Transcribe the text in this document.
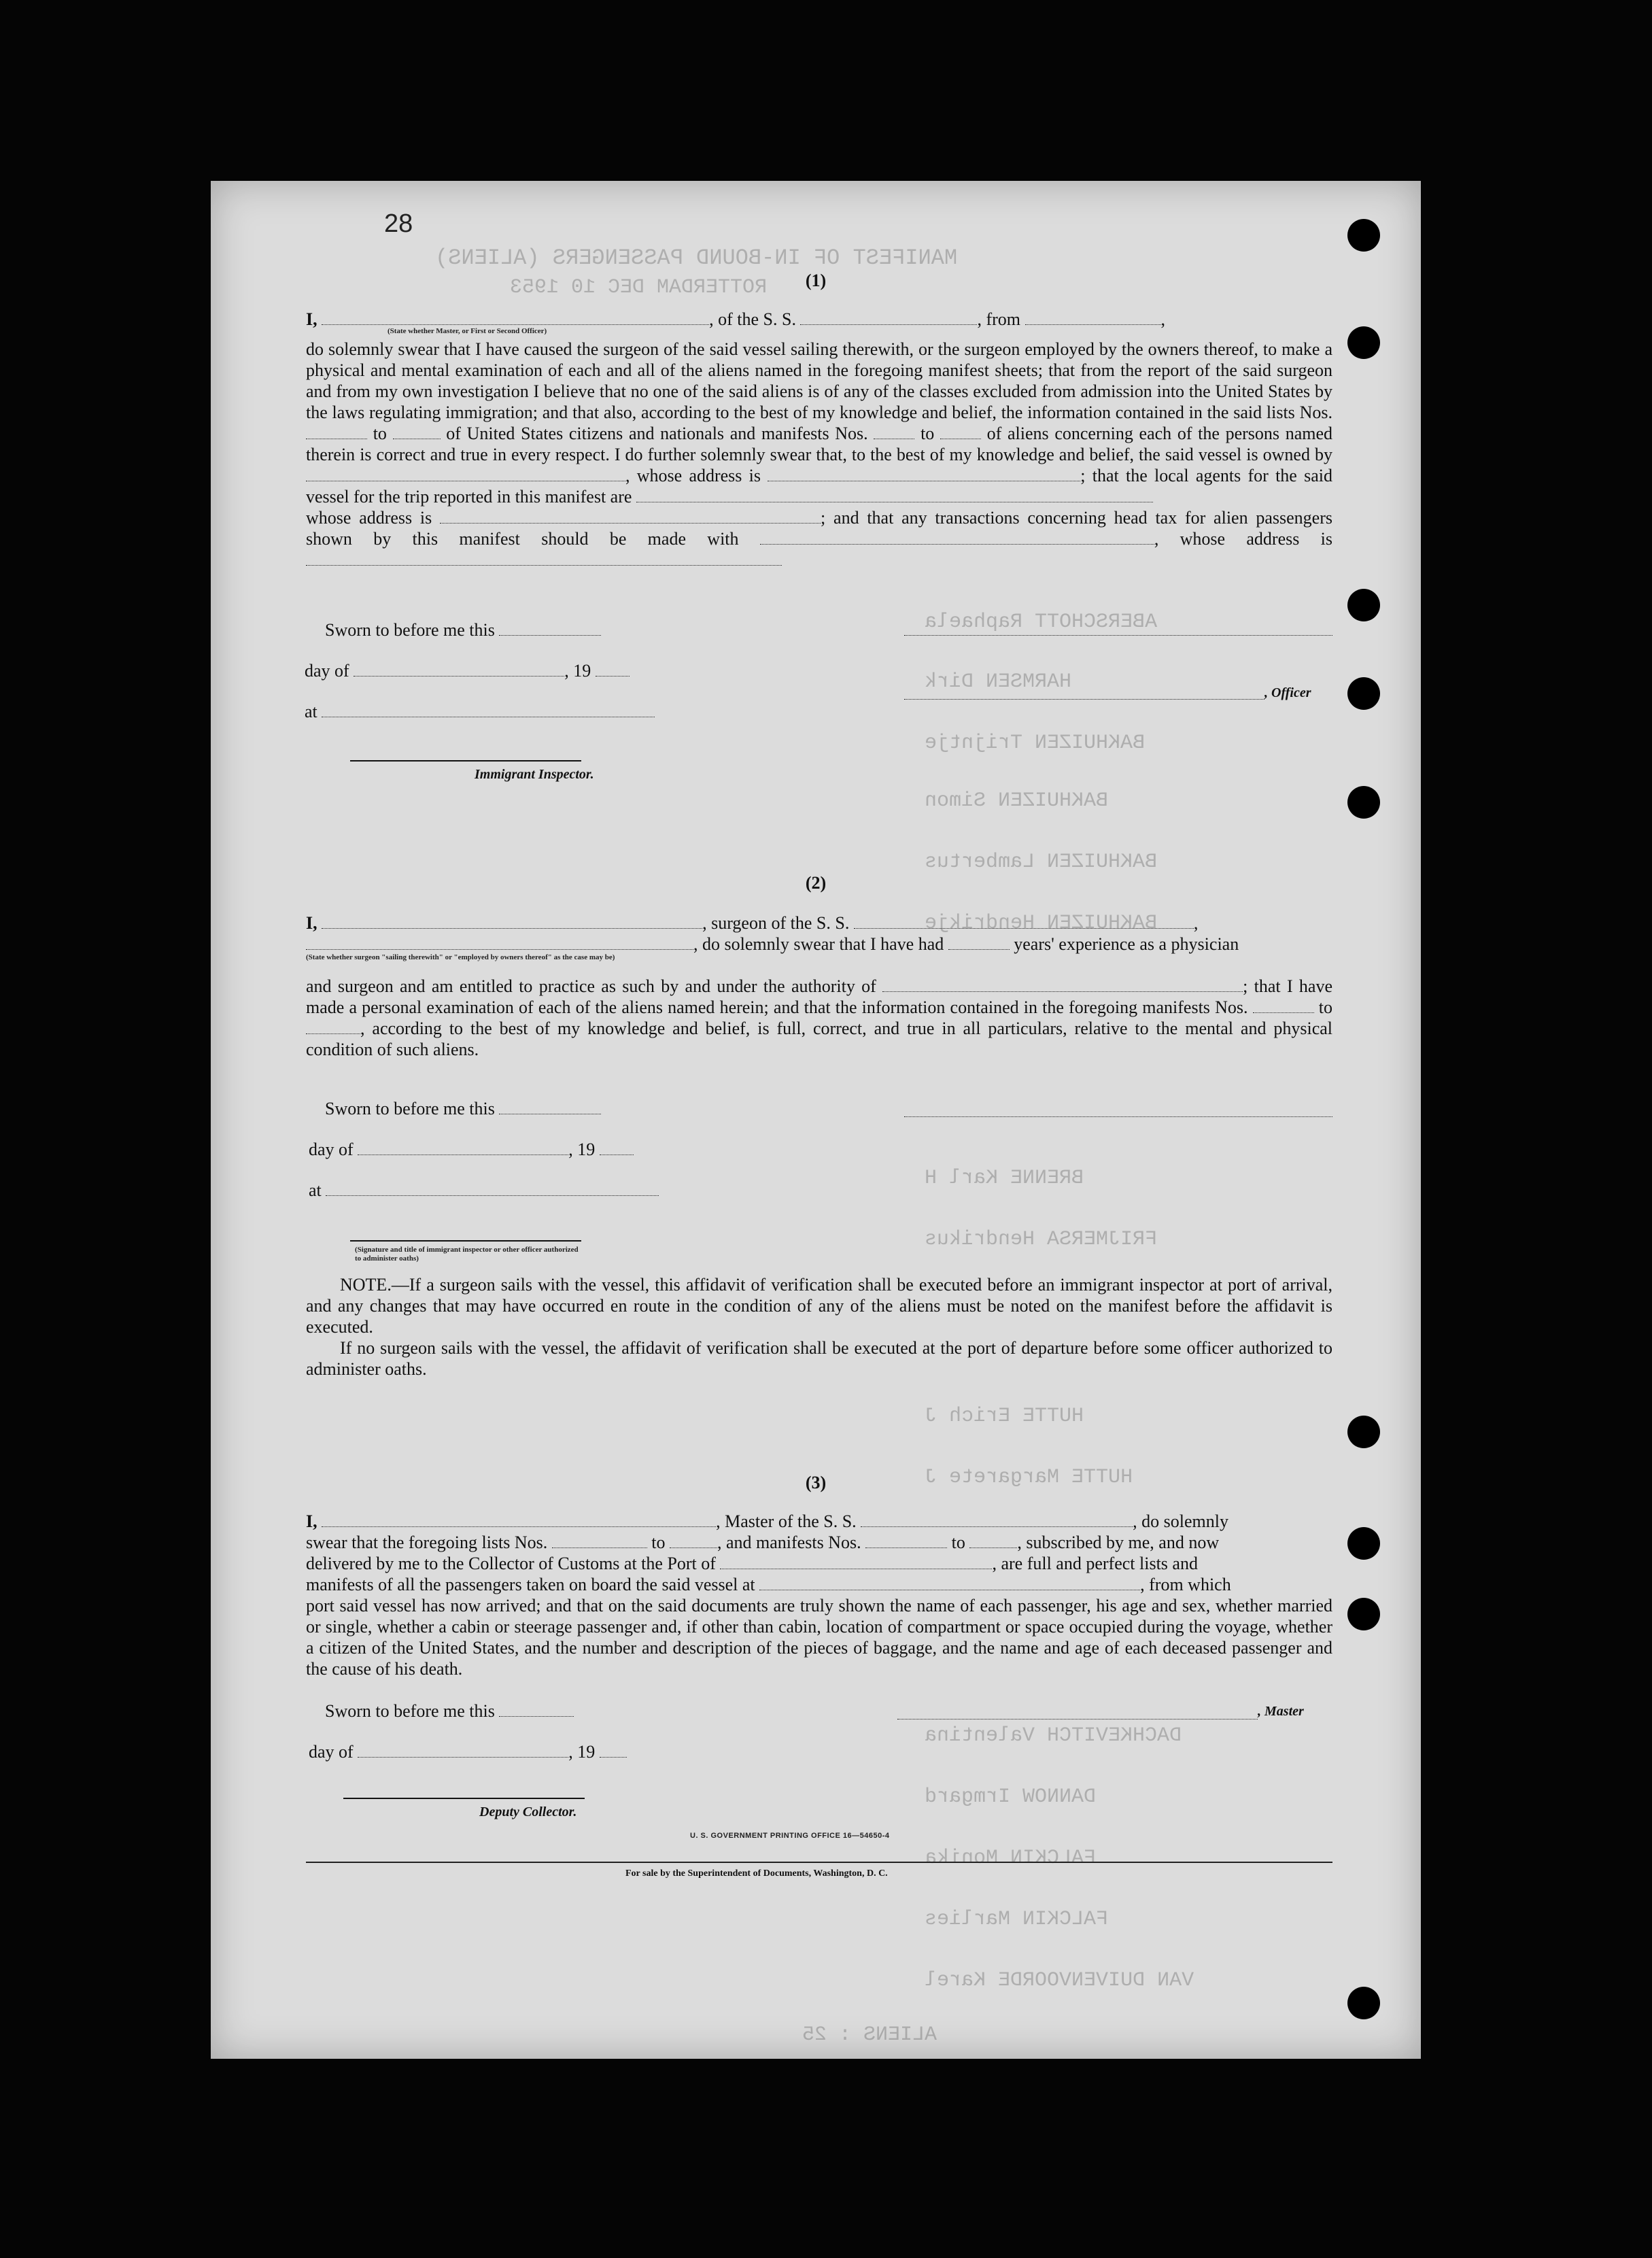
MANIFEST OF IN-BOUND PASSENGERS (ALIENS)
ROTTERDAM DEC 10 1953
ABERSCHOTT Raphaela
HARMSEN Dirk
BAKHUIZEN Trijntje
BAKHUIZEN Simon
BAKHUIZEN Lambertus
BAKHUIZEN Hendrikje
BRENNE Karl H
FRIJMERSA Hendrikus
HUTTE Erich J
HUTTE Margarete J
DACHKEVITCH Valentina
DANNOW Irmgard
FALCKIN Monika
FALCKIN Marlies
VAN DUIVENVOORDE Karel
ALIENS : 25
28
(1)
I,	, of the S. S.	, from	,
(State whether Master, or First or Second Officer)
do solemnly swear that I have caused the surgeon of the said vessel sailing therewith, or the surgeon employed by the owners thereof, to make a physical and mental examination of each and all of the aliens named in the foregoing manifest sheets; that from the report of the said surgeon and from my own investigation I believe that no one of the said aliens is of any of the classes excluded from admission into the United States by the laws regulating immigration; and that also, according to the best of my knowledge and belief, the information contained in the said lists Nos.  to	of United States citizens and nationals and manifests Nos.	to	of aliens concerning each of the persons named therein is correct and true in every respect. I do further solemnly swear that, to the best of my knowledge and belief, the said vessel is owned by , whose address is	; that the local agents for the said vessel for the trip reported in this manifest are
whose address is	; and that any transactions concerning head tax for alien passengers shown by this manifest should be made with	, whose address is
Sworn to before me this
day of	, 19
at
, Officer
Immigrant Inspector.
(2)
I,	, surgeon of the S. S.	,
, do solemnly swear that I have had	years' experience as a physician
(State whether surgeon "sailing therewith" or "employed by owners thereof" as the case may be)
and surgeon and am entitled to practice as such by and under the authority of	; that I have made a personal examination of each of the aliens named herein; and that the information contained in the foregoing manifests Nos.	to , according to the best of my knowledge and belief, is full, correct, and true in all particulars, relative to the mental and physical condition of such aliens.
Sworn to before me this
day of	, 19
at
(Signature and title of immigrant inspector or other officer authorized to administer oaths)

NOTE.—If a surgeon sails with the vessel, this affidavit of verification shall be executed before an immigrant inspector at port of arrival, and any changes that may have occurred en route in the condition of any of the aliens must be noted on the manifest before the affidavit is executed.

If no surgeon sails with the vessel, the affidavit of verification shall be executed at the port of departure before some officer authorized to administer oaths.

(3)
I,	, Master of the S. S.	, do solemnly
swear that the foregoing lists Nos.	to	, and manifests Nos.	to	, subscribed by me, and now
delivered by me to the Collector of Customs at the Port of	, are full and perfect lists and
manifests of all the passengers taken on board the said vessel at	, from which
port said vessel has now arrived; and that on the said documents are truly shown the name of each passenger, his age and sex, whether married or single, whether a cabin or steerage passenger and, if other than cabin, location of compartment or space occupied during the voyage, whether a citizen of the United States, and the number and description of the pieces of baggage, and the name and age of each deceased passenger and the cause of his death.
Sworn to before me this
day of	, 19
, Master
Deputy Collector.
U. S. GOVERNMENT PRINTING OFFICE 16—54650-4
For sale by the Superintendent of Documents, Washington, D. C.
